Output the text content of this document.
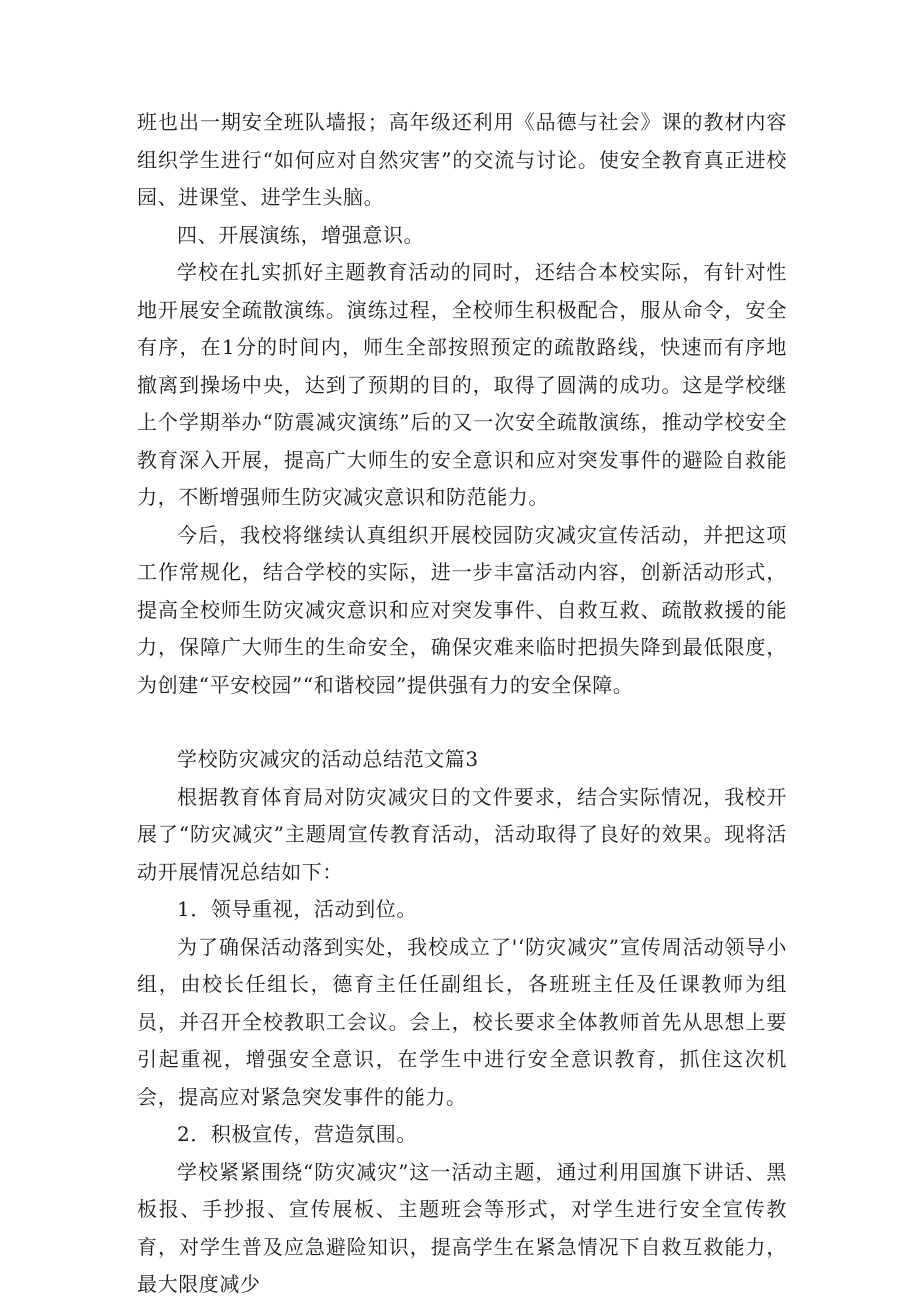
班也出一期安全班队墙报；高年级还利用《品德与社会》课的教材内容组织学生进行“如何应对自然灾害”的交流与讨论。使安全教育真正进校园、进课堂、进学生头脑。

四、开展演练，增强意识。

学校在扎实抓好主题教育活动的同时，还结合本校实际，有针对性地开展安全疏散演练。演练过程，全校师生积极配合，服从命令，安全有序，在1分的时间内，师生全部按照预定的疏散路线，快速而有序地撤离到操场中央，达到了预期的目的，取得了圆满的成功。这是学校继上个学期举办“防震减灾演练”后的又一次安全疏散演练，推动学校安全教育深入开展，提高广大师生的安全意识和应对突发事件的避险自救能力，不断增强师生防灾减灾意识和防范能力。

今后，我校将继续认真组织开展校园防灾减灾宣传活动，并把这项工作常规化，结合学校的实际，进一步丰富活动内容，创新活动形式，提高全校师生防灾减灾意识和应对突发事件、自救互救、疏散救援的能力，保障广大师生的生命安全，确保灾难来临时把损失降到最低限度，为创建“平安校园”“和谐校园”提供强有力的安全保障。

学校防灾减灾的活动总结范文篇3

根据教育体育局对防灾减灾日的文件要求，结合实际情况，我校开展了“防灾减灾”主题周宣传教育活动，活动取得了良好的效果。现将活动开展情况总结如下：

1．领导重视，活动到位。

为了确保活动落到实处，我校成立了'‘防灾减灾”宣传周活动领导小组，由校长任组长，德育主任任副组长，各班班主任及任课教师为组员，并召开全校教职工会议。会上，校长要求全体教师首先从思想上要引起重视，增强安全意识，在学生中进行安全意识教育，抓住这次机会，提高应对紧急突发事件的能力。

2．积极宣传，营造氛围。

学校紧紧围绕“防灾减灾”这一活动主题，通过利用国旗下讲话、黑板报、手抄报、宣传展板、主题班会等形式，对学生进行安全宣传教育，对学生普及应急避险知识，提高学生在紧急情况下自救互救能力，最大限度减少
